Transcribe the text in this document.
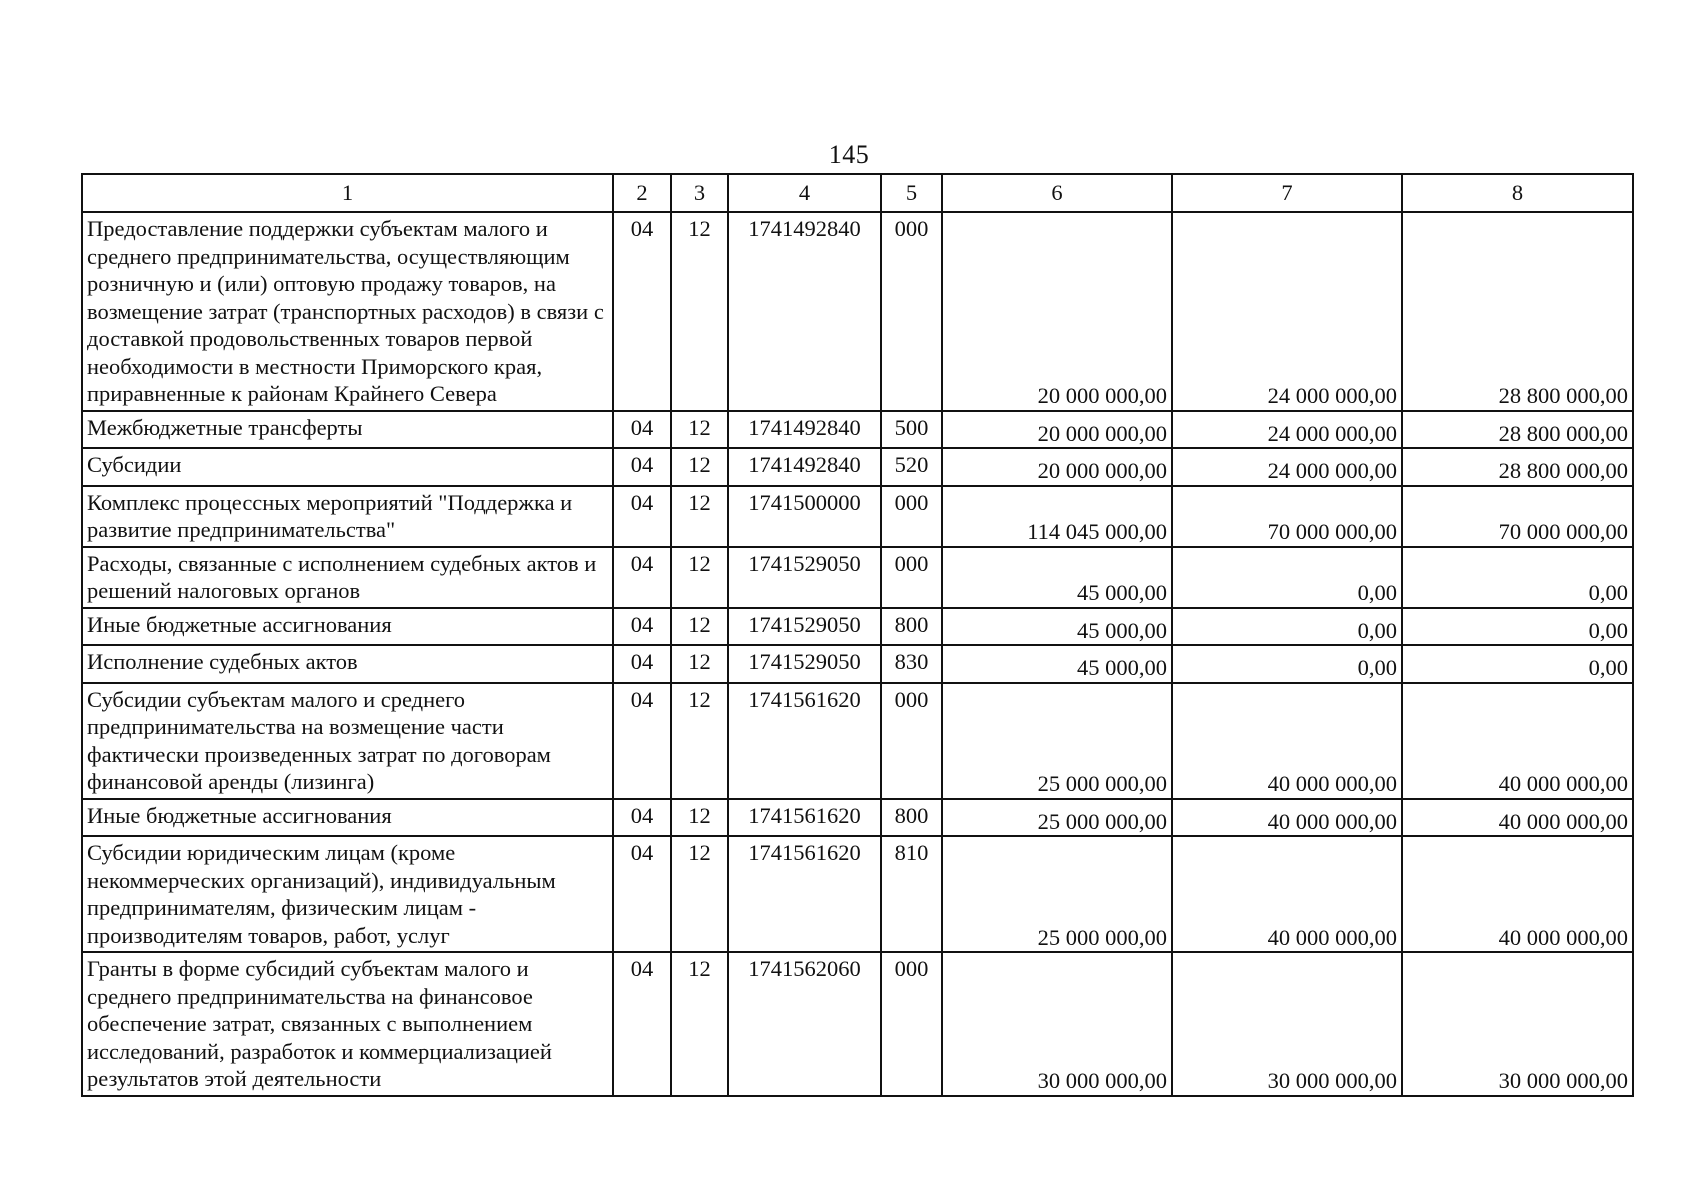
145
1	2	3	4	5	6	7	8
Предоставление поддержки субъектам малого и среднего предпринимательства, осуществляющим розничную и (или) оптовую продажу товаров, на возмещение затрат (транспортных расходов) в связи с доставкой продовольственных товаров первой необходимости в местности Приморского края, приравненные к районам Крайнего Севера	04	12	1741492840	000	20 000 000,00	24 000 000,00	28 800 000,00
Межбюджетные трансферты	04	12	1741492840	500	20 000 000,00	24 000 000,00	28 800 000,00
Субсидии	04	12	1741492840	520	20 000 000,00	24 000 000,00	28 800 000,00
Комплекс процессных мероприятий "Поддержка и развитие предпринимательства"	04	12	1741500000	000	114 045 000,00	70 000 000,00	70 000 000,00
Расходы, связанные с исполнением судебных актов и решений налоговых органов	04	12	1741529050	000	45 000,00	0,00	0,00
Иные бюджетные ассигнования	04	12	1741529050	800	45 000,00	0,00	0,00
Исполнение судебных актов	04	12	1741529050	830	45 000,00	0,00	0,00
Субсидии субъектам малого и среднего предпринимательства на возмещение части фактически произведенных затрат по договорам финансовой аренды (лизинга)	04	12	1741561620	000	25 000 000,00	40 000 000,00	40 000 000,00
Иные бюджетные ассигнования	04	12	1741561620	800	25 000 000,00	40 000 000,00	40 000 000,00
Субсидии юридическим лицам (кроме некоммерческих организаций), индивидуальным предпринимателям, физическим лицам - производителям товаров, работ, услуг	04	12	1741561620	810	25 000 000,00	40 000 000,00	40 000 000,00
Гранты в форме субсидий субъектам малого и среднего предпринимательства на финансовое обеспечение затрат, связанных с выполнением исследований, разработок и коммерциализацией результатов этой деятельности	04	12	1741562060	000	30 000 000,00	30 000 000,00	30 000 000,00
